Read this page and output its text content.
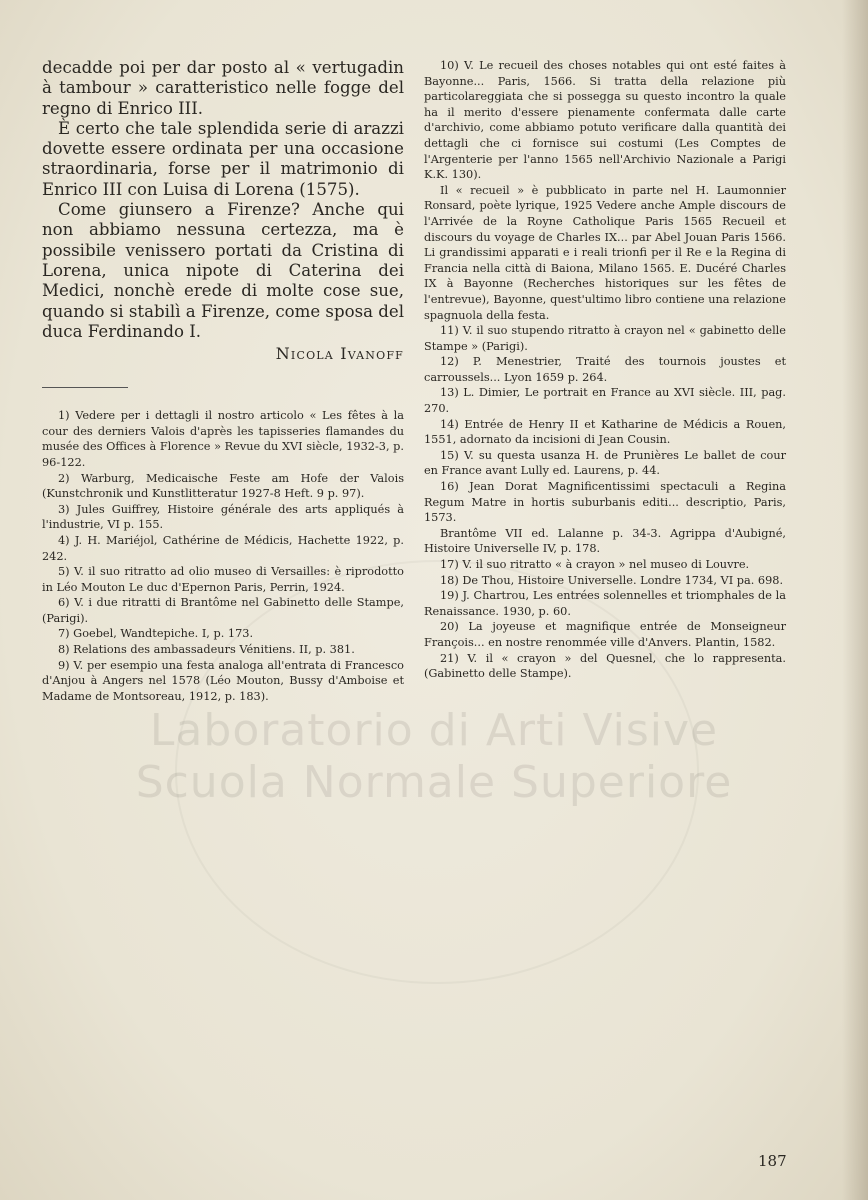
Laboratorio di Arti Visive
Scuola Normale Superiore

decadde poi per dar posto al « vertugadin à tambour » caratteristico nelle fogge del regno di Enrico III.

È certo che tale splendida serie di arazzi dovette essere ordinata per una occasione straordinaria, forse per il matrimonio di Enrico III con Luisa di Lorena (1575).

Come giunsero a Firenze? Anche qui non abbiamo nessuna certezza, ma è possibile venissero portati da Cristina di Lorena, unica nipote di Caterina dei Medici, nonchè erede di molte cose sue, quando si stabilì a Firenze, come sposa del duca Ferdinando I.

Nicola Ivanoff

1) Vedere per i dettagli il nostro articolo « Les fêtes à la cour des derniers Valois d'après les tapisseries flamandes du musée des Offices à Florence » Revue du XVI siècle, 1932-3, p. 96-122.

2) Warburg, Medicaische Feste am Hofe der Valois (Kunstchronik und Kunstlitteratur 1927-8 Heft. 9 p. 97).

3) Jules Guiffrey, Histoire générale des arts appliqués à l'industrie, VI p. 155.

4) J. H. Mariéjol, Cathérine de Médicis, Hachette 1922, p. 242.

5) V. il suo ritratto ad olio museo di Versailles: è riprodotto in Léo Mouton Le duc d'Epernon Paris, Perrin, 1924.

6) V. i due ritratti di Brantôme nel Gabinetto delle Stampe, (Parigi).

7) Goebel, Wandtepiche. I, p. 173.

8) Relations des ambassadeurs Vénitiens. II, p. 381.

9) V. per esempio una festa analoga all'entrata di Francesco d'Anjou à Angers nel 1578 (Léo Mouton, Bussy d'Amboise et Madame de Montsoreau, 1912, p. 183).

10) V. Le recueil des choses notables qui ont esté faites à Bayonne... Paris, 1566. Si tratta della relazione più particolareggiata che si possegga su questo incontro la quale ha il merito d'essere pienamente confermata dalle carte d'archivio, come abbiamo potuto verificare dalla quantità dei dettagli che ci fornisce sui costumi (Les Comptes de l'Argenterie per l'anno 1565 nell'Archivio Nazionale a Parigi K.K. 130).

Il « recueil » è pubblicato in parte nel H. Laumonnier Ronsard, poète lyrique, 1925 Vedere anche Ample discours de l'Arrivée de la Royne Catholique Paris 1565 Recueil et discours du voyage de Charles IX... par Abel Jouan Paris 1566. Li grandissimi apparati e i reali trionfi per il Re e la Regina di Francia nella città di Baiona, Milano 1565. E. Ducéré Charles IX à Bayonne (Recherches historiques sur les fêtes de l'entrevue), Bayonne, quest'ultimo libro contiene una relazione spagnuola della festa.

11) V. il suo stupendo ritratto à crayon nel « gabinetto delle Stampe » (Parigi).

12) P. Menestrier, Traité des tournois joustes et carroussels... Lyon 1659 p. 264.

13) L. Dimier, Le portrait en France au XVI siècle. III, pag. 270.

14) Entrée de Henry II et Katharine de Médicis a Rouen, 1551, adornato da incisioni di Jean Cousin.

15) V. su questa usanza H. de Prunières Le ballet de cour en France avant Lully ed. Laurens, p. 44.

16) Jean Dorat Magnificentissimi spectaculi a Regina Regum Matre in hortis suburbanis editi... descriptio, Paris, 1573.

Brantôme VII ed. Lalanne p. 34-3. Agrippa d'Aubigné, Histoire Universelle IV, p. 178.

17) V. il suo ritratto « à crayon » nel museo di Louvre.

18) De Thou, Histoire Universelle. Londre 1734, VI pa. 698.

19) J. Chartrou, Les entrées solennelles et triomphales de la Renaissance. 1930, p. 60.

20) La joyeuse et magnifique entrée de Monseigneur François... en nostre renommée ville d'Anvers. Plantin, 1582.

21) V. il « crayon » del Quesnel, che lo rappresenta. (Gabinetto delle Stampe).

187
